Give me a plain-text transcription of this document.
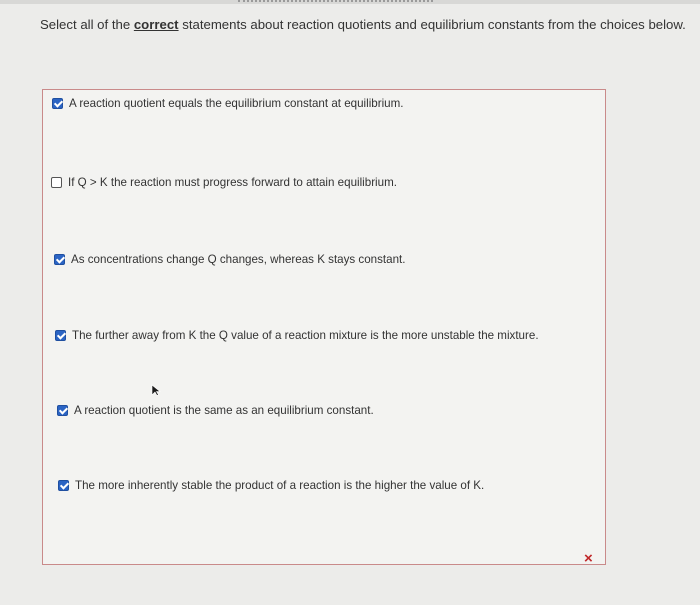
Select all of the correct statements about reaction quotients and equilibrium constants from the choices below.
A reaction quotient equals the equilibrium constant at equilibrium.
If Q > K the reaction must progress forward to attain equilibrium.
As concentrations change Q changes, whereas K stays constant.
The further away from K the Q value of a reaction mixture is the more unstable the mixture.
A reaction quotient is the same as an equilibrium constant.
The more inherently stable the product of a reaction is the higher the value of K.
×
